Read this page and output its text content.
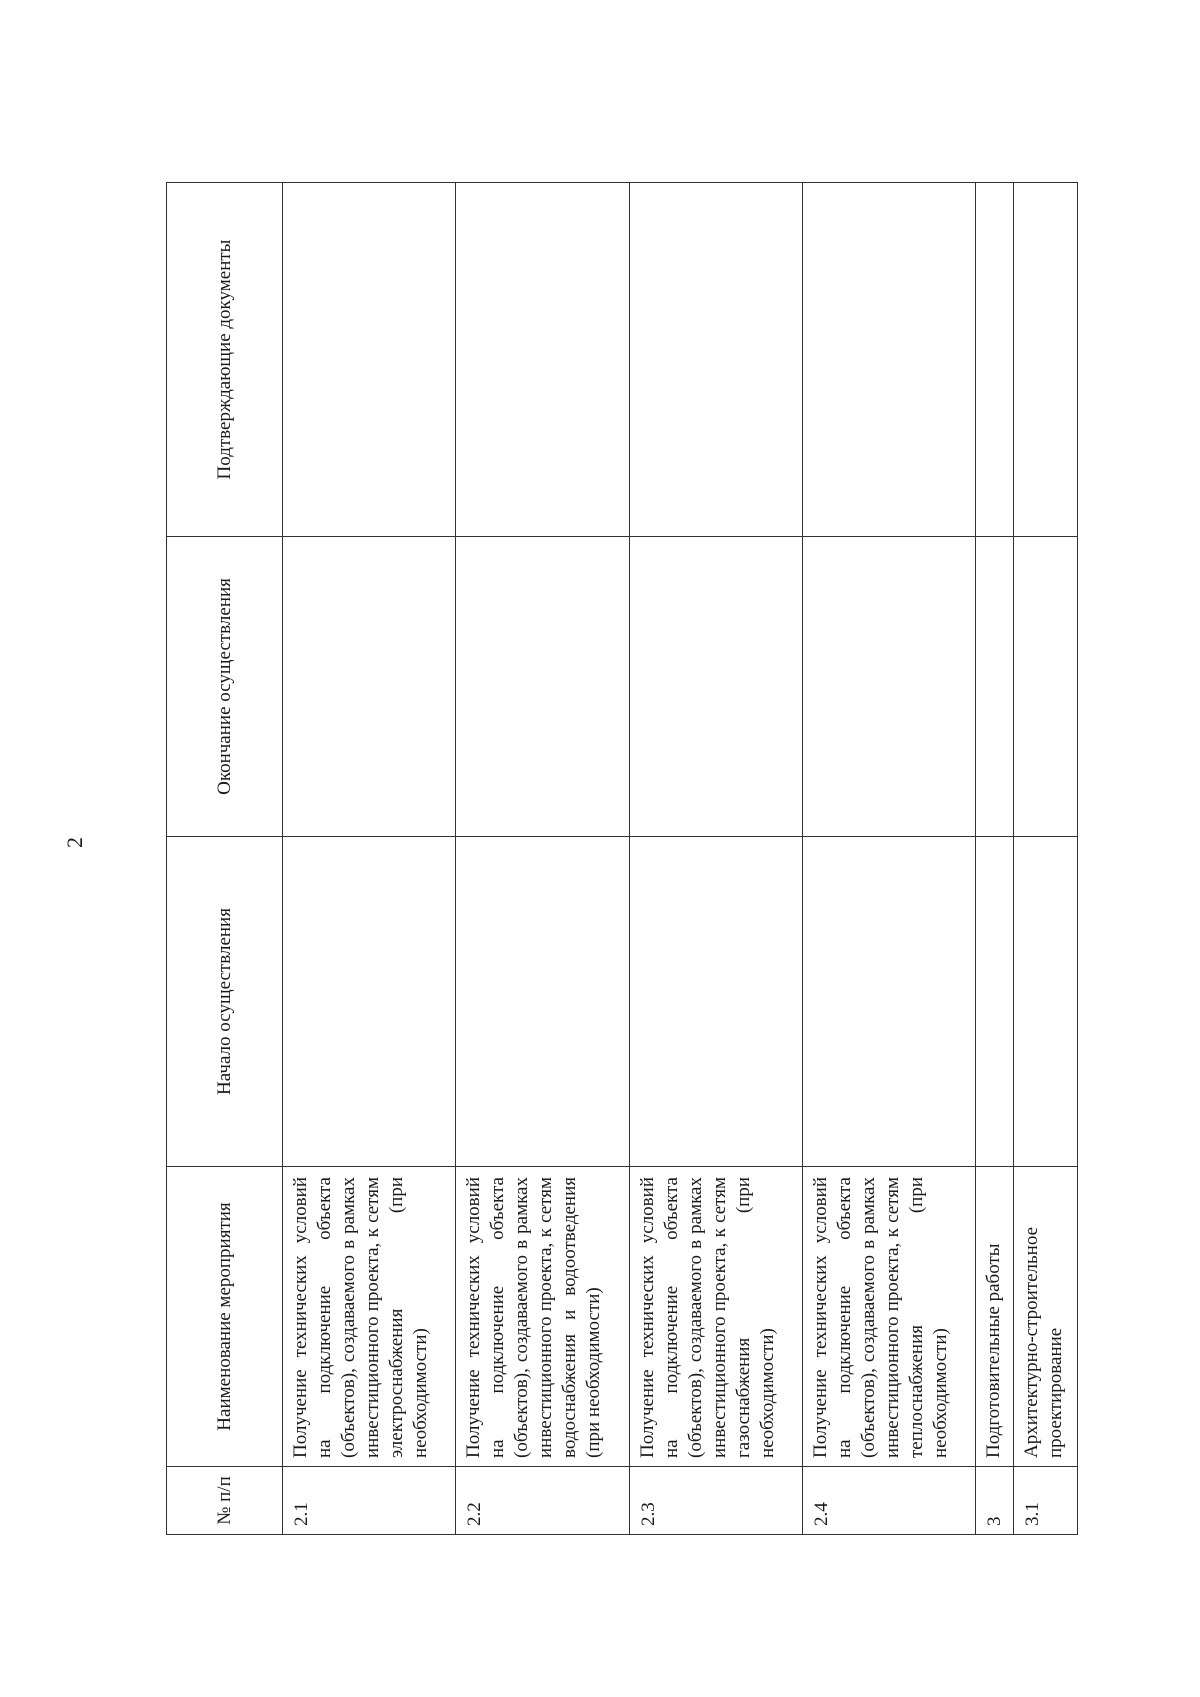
2
№ п/п	Наименование мероприятия	Начало осуществления	Окончание осуществления	Подтверждающие документы
2.1	Получение технических условий на подключение объекта (объектов), создаваемого в рамках инвестиционного проекта, к сетям электроснабжения (при необходимости)			
2.2	Получение технических условий на подключение объекта (объектов), создаваемого в рамках инвестиционного проекта, к сетям водоснабжения и водоотведения (при необходимости)			
2.3	Получение технических условий на подключение объекта (объектов), создаваемого в рамках инвестиционного проекта, к сетям газоснабжения (при необходимости)			
2.4	Получение технических условий на подключение объекта (объектов), создаваемого в рамках инвестиционного проекта, к сетям теплоснабжения (при необходимости)			
3	Подготовительные работы			
3.1	Архитектурно-строительное проектирование			
